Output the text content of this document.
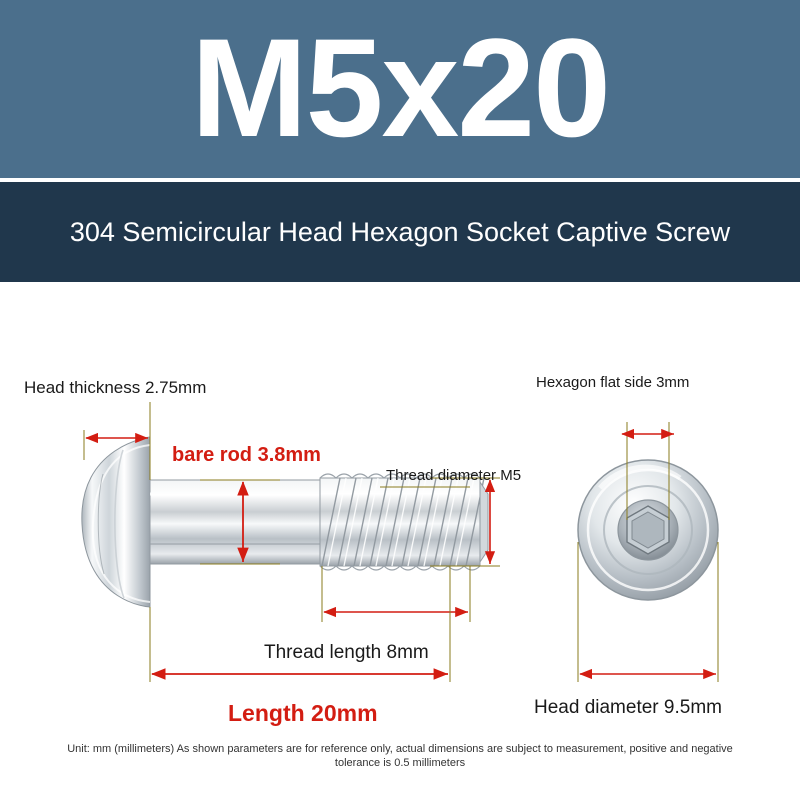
M5x20
304 Semicircular Head Hexagon Socket Captive Screw
Head thickness 2.75mm
bare rod 3.8mm
Thread diameter M5
Thread length 8mm
Length 20mm
Hexagon flat side 3mm
Head diameter 9.5mm
Unit: mm (millimeters) As shown parameters are for reference only, actual dimensions are subject to measurement, positive and negative tolerance is 0.5 millimeters
